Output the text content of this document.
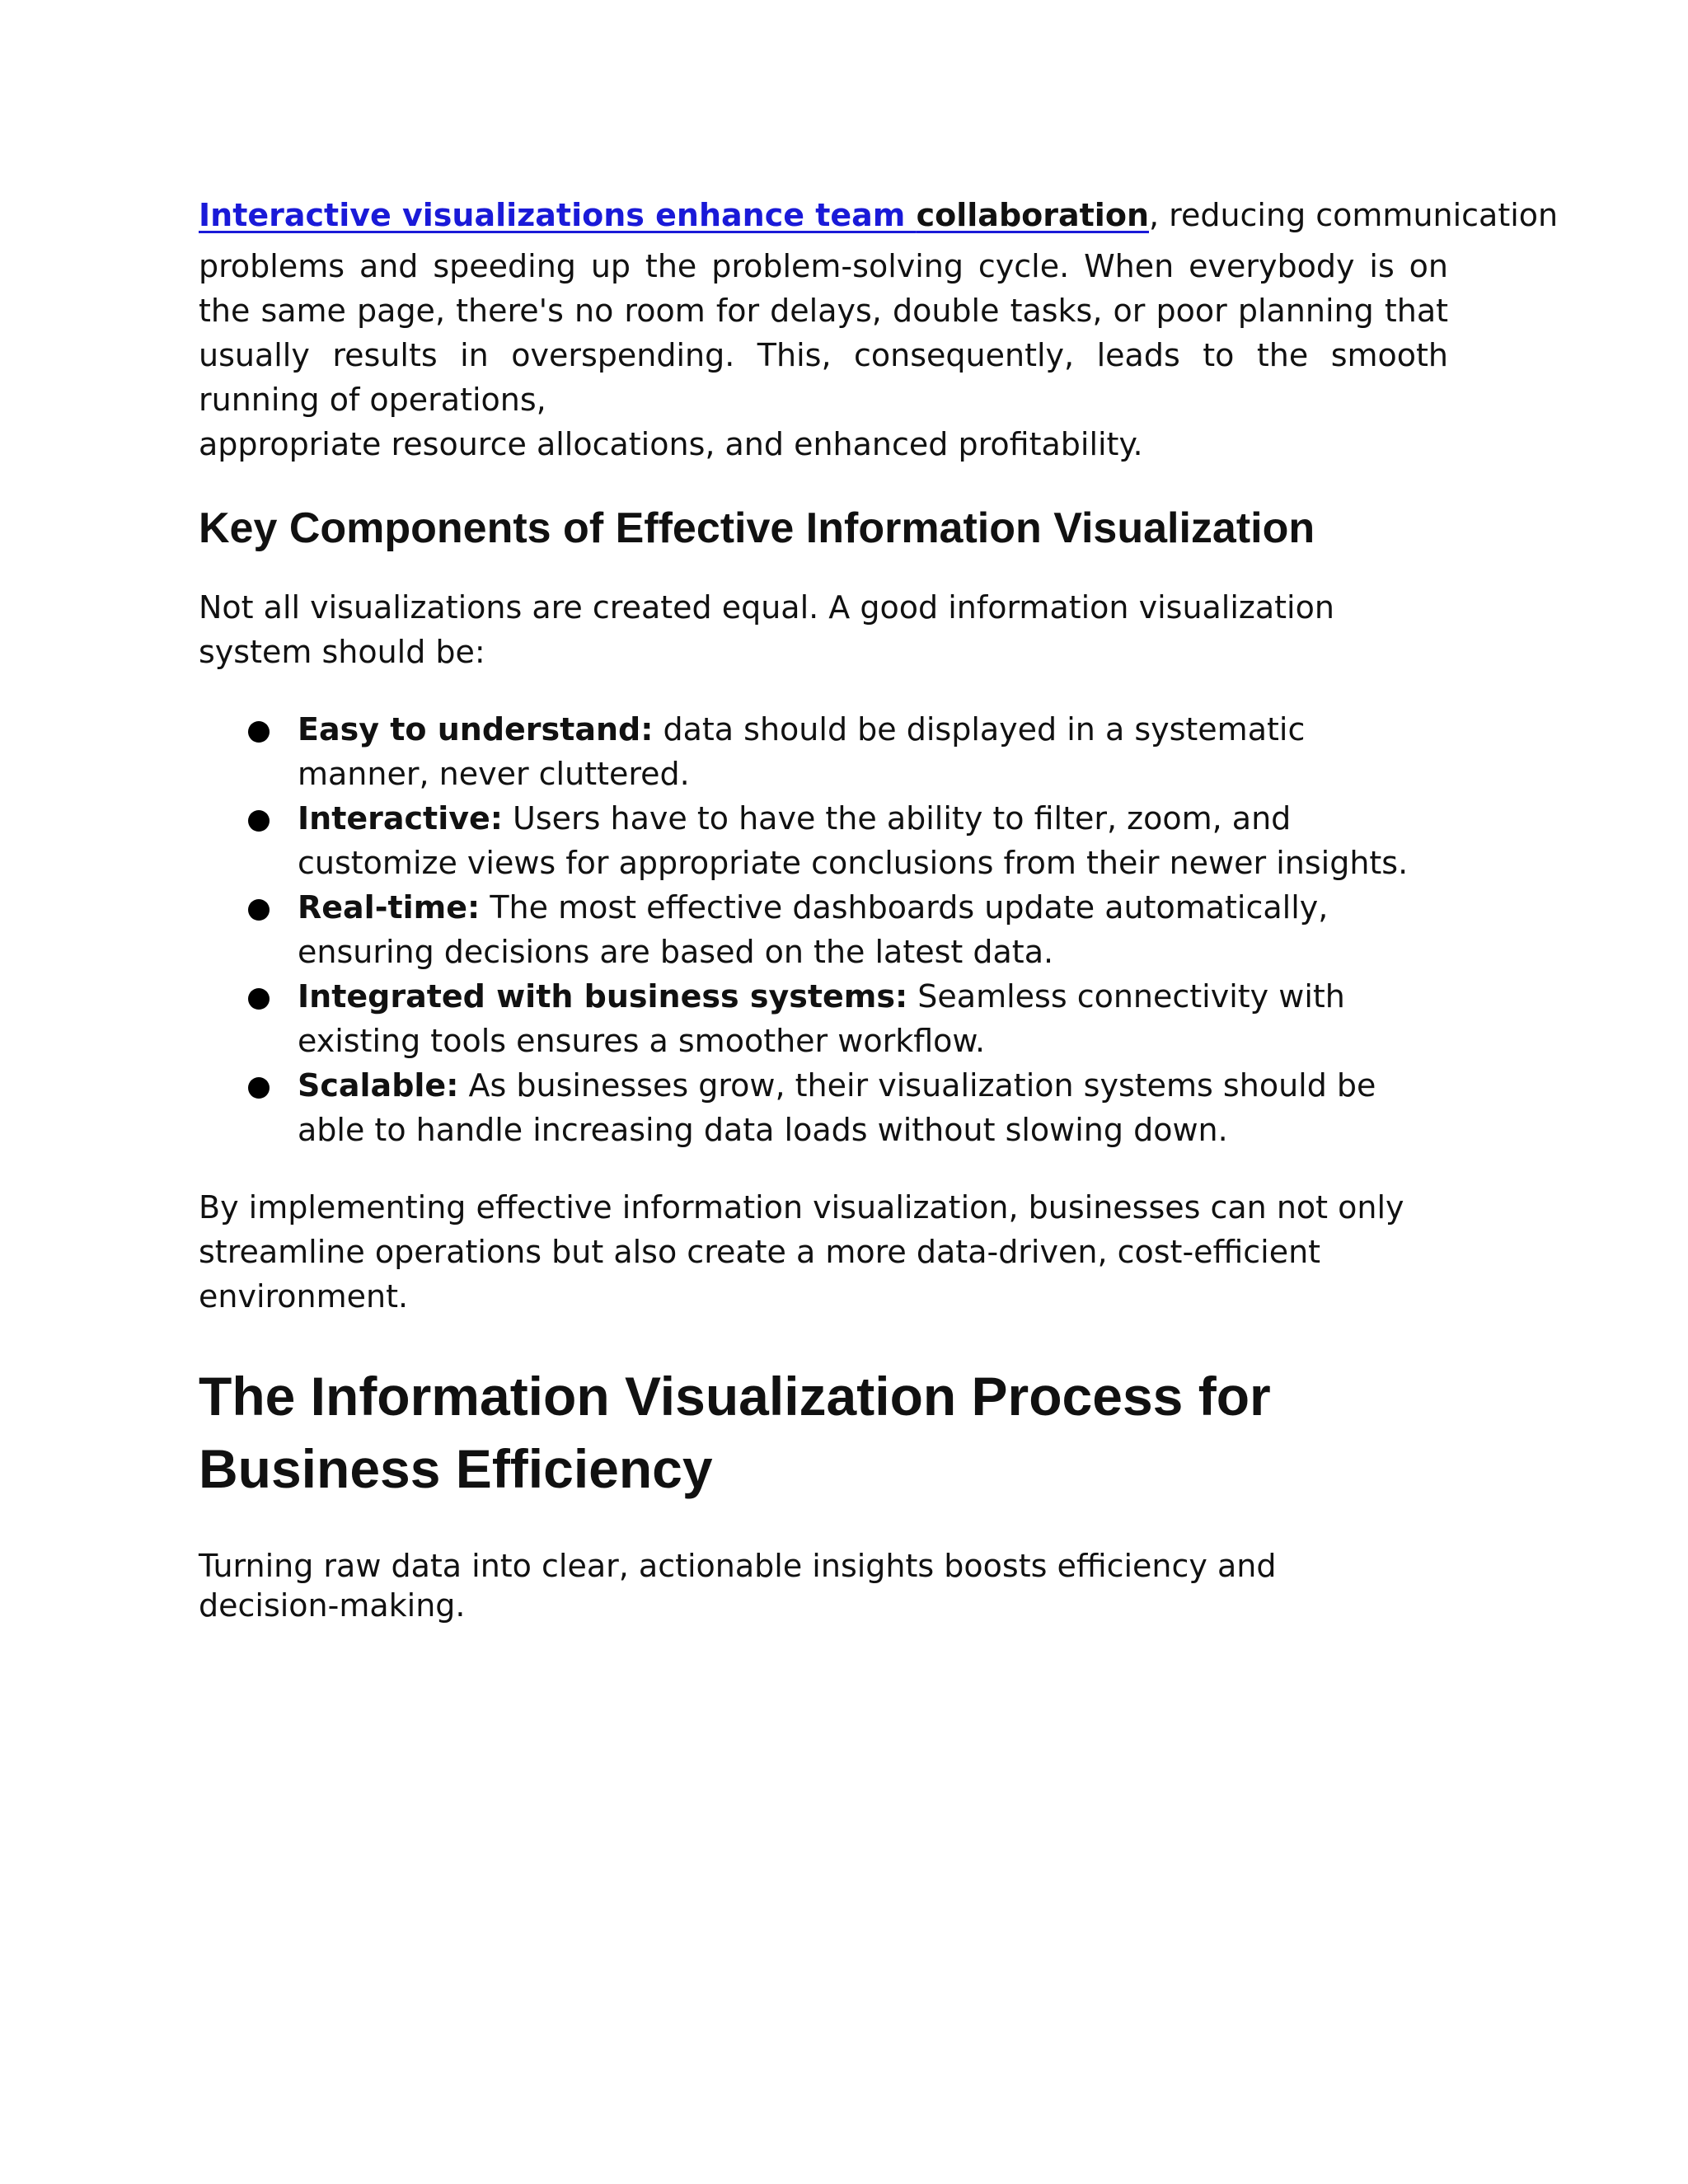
Interactive visualizations enhance team collaboration, reducing communication

problems and speeding up the problem-solving cycle. When everybody is on the same page, there's no room for delays, double tasks, or poor planning that usually results in overspending. This, consequently, leads to the smooth running of operations,

appropriate resource allocations, and enhanced profitability.

Key Components of Effective Information Visualization

Not all visualizations are created equal. A good information visualization system should be:

Easy to understand: data should be displayed in a systematic manner, never cluttered.
Interactive: Users have to have the ability to filter, zoom, and customize views for appropriate conclusions from their newer insights.
Real-time: The most effective dashboards update automatically, ensuring decisions are based on the latest data.
Integrated with business systems: Seamless connectivity with existing tools ensures a smoother workflow.
Scalable: As businesses grow, their visualization systems should be able to handle increasing data loads without slowing down.

By implementing effective information visualization, businesses can not only streamline operations but also create a more data-driven, cost-efficient environment.

The Information Visualization Process for Business Efficiency

Turning raw data into clear, actionable insights boosts efficiency and decision-making.
